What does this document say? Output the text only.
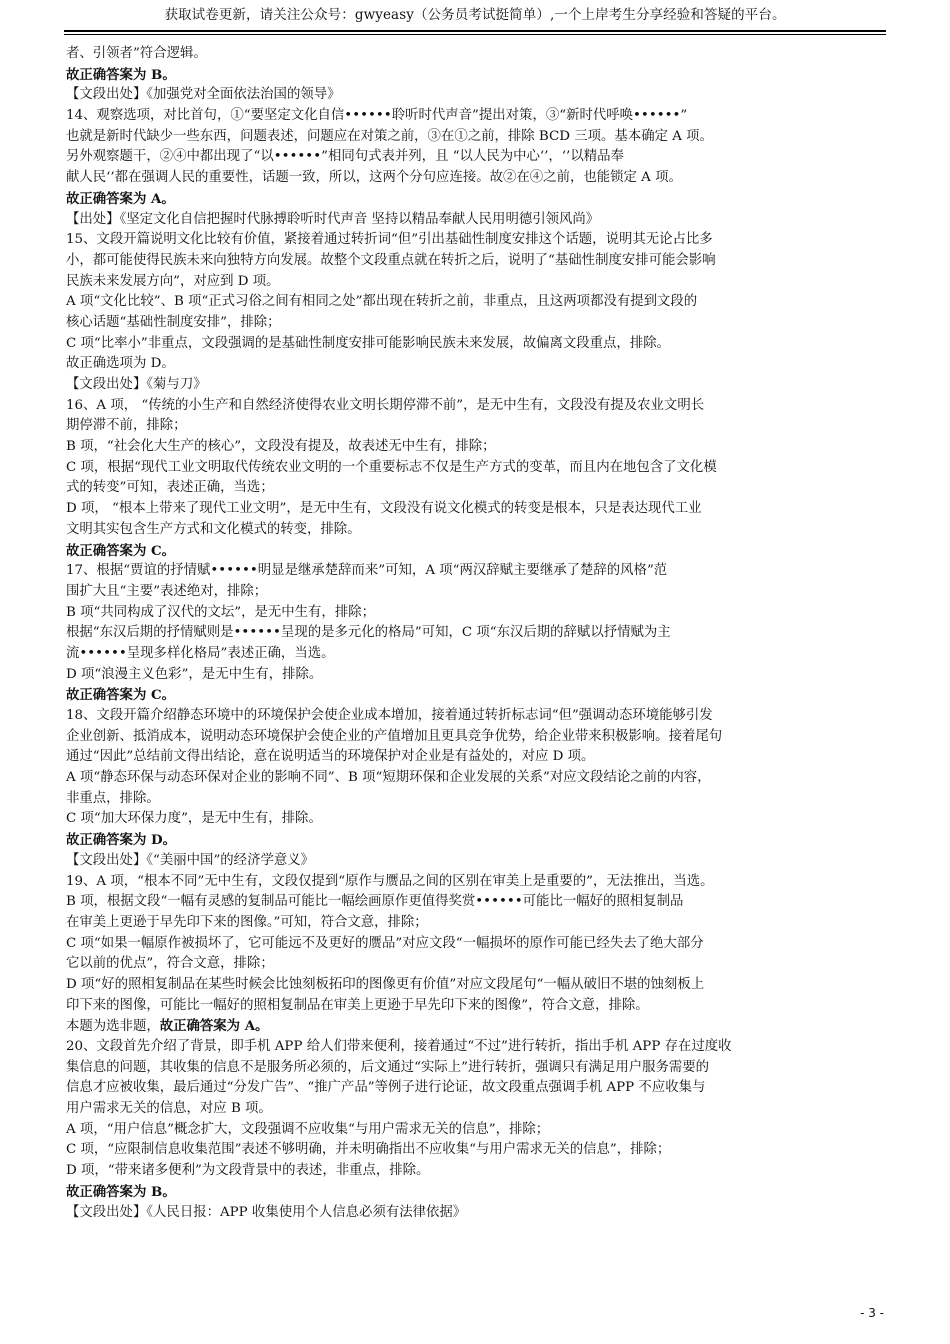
获取试卷更新，请关注公众号：gwyeasy（公务员考试挺简单）,一个上岸考生分享经验和答疑的平台。
者、引领者”符合逻辑。
故正确答案为 B。
【文段出处】《加强党对全面依法治国的领导》
14、观察选项，对比首句，①“要坚定文化自信••••••聆听时代声音”提出对策，③“新时代呼唤••••••”
也就是新时代缺少一些东西，问题表述，问题应在对策之前，③在①之前，排除 BCD 三项。基本确定 A 项。
另外观察题干，②④中都出现了“以••••••”相同句式表并列，且 “以人民为中心‘’，‘’以精品奉
献人民‘’都在强调人民的重要性，话题一致，所以，这两个分句应连接。故②在④之前，也能锁定 A 项。
故正确答案为 A。
【出处】《坚定文化自信把握时代脉搏聆听时代声音 坚持以精品奉献人民用明德引领风尚》
15、文段开篇说明文化比较有价值，紧接着通过转折词“但”引出基础性制度安排这个话题，说明其无论占比多
小，都可能使得民族未来向独特方向发展。故整个文段重点就在转折之后，说明了“基础性制度安排可能会影响
民族未来发展方向”，对应到 D 项。
A 项“文化比较”、B 项“正式习俗之间有相同之处”都出现在转折之前，非重点，且这两项都没有提到文段的
核心话题“基础性制度安排”，排除；
C 项“比率小”非重点，文段强调的是基础性制度安排可能影响民族未来发展，故偏离文段重点，排除。
故正确选项为 D。
【文段出处】《菊与刀》
16、A 项， “传统的小生产和自然经济使得农业文明长期停滞不前”，是无中生有，文段没有提及农业文明长
期停滞不前，排除；
B 项，“社会化大生产的核心”，文段没有提及，故表述无中生有，排除；
C 项，根据“现代工业文明取代传统农业文明的一个重要标志不仅是生产方式的变革，而且内在地包含了文化模
式的转变”可知，表述正确，当选；
D 项， “根本上带来了现代工业文明”，是无中生有，文段没有说文化模式的转变是根本，只是表达现代工业
文明其实包含生产方式和文化模式的转变，排除。
故正确答案为 C。
17、根据“贾谊的抒情赋••••••明显是继承楚辞而来”可知，A 项“两汉辞赋主要继承了楚辞的风格”范
围扩大且“主要”表述绝对，排除；
B 项“共同构成了汉代的文坛”，是无中生有，排除；
根据“东汉后期的抒情赋则是••••••呈现的是多元化的格局”可知，C 项“东汉后期的辞赋以抒情赋为主
流••••••呈现多样化格局”表述正确，当选。
D 项“浪漫主义色彩”，是无中生有，排除。
故正确答案为 C。
18、文段开篇介绍静态环境中的环境保护会使企业成本增加，接着通过转折标志词“但”强调动态环境能够引发
企业创新、抵消成本，说明动态环境保护会使企业的产值增加且更具竞争优势，给企业带来积极影响。接着尾句
通过“因此”总结前文得出结论，意在说明适当的环境保护对企业是有益处的，对应 D 项。
A 项“静态环保与动态环保对企业的影响不同”、B 项“短期环保和企业发展的关系”对应文段结论之前的内容，
非重点，排除。
C 项“加大环保力度”，是无中生有，排除。
故正确答案为 D。
【文段出处】《“美丽中国”的经济学意义》
19、A 项，“根本不同”无中生有，文段仅提到“原作与赝品之间的区别在审美上是重要的”，无法推出，当选。
B 项，根据文段“一幅有灵感的复制品可能比一幅绘画原作更值得奖赏••••••可能比一幅好的照相复制品
在审美上更逊于早先印下来的图像。”可知，符合文意，排除；
C 项“如果一幅原作被损坏了，它可能远不及更好的赝品”对应文段“一幅损坏的原作可能已经失去了绝大部分
它以前的优点”，符合文意，排除；
D 项“好的照相复制品在某些时候会比蚀刻板拓印的图像更有价值”对应文段尾句“一幅从破旧不堪的蚀刻板上
印下来的图像，可能比一幅好的照相复制品在审美上更逊于早先印下来的图像”，符合文意，排除。
本题为选非题，故正确答案为 A。
20、文段首先介绍了背景，即手机 APP 给人们带来便利，接着通过“不过”进行转折，指出手机 APP 存在过度收
集信息的问题，其收集的信息不是服务所必须的，后文通过“实际上”进行转折，强调只有满足用户服务需要的
信息才应被收集，最后通过“分发广告”、“推广产品”等例子进行论证，故文段重点强调手机 APP 不应收集与
用户需求无关的信息，对应 B 项。
A 项，“用户信息”概念扩大，文段强调不应收集“与用户需求无关的信息”，排除；
C 项，“应限制信息收集范围”表述不够明确，并未明确指出不应收集“与用户需求无关的信息”，排除；
D 项，“带来诸多便利”为文段背景中的表述，非重点，排除。
故正确答案为 B。
【文段出处】《人民日报：APP 收集使用个人信息必须有法律依据》
- 3 -
